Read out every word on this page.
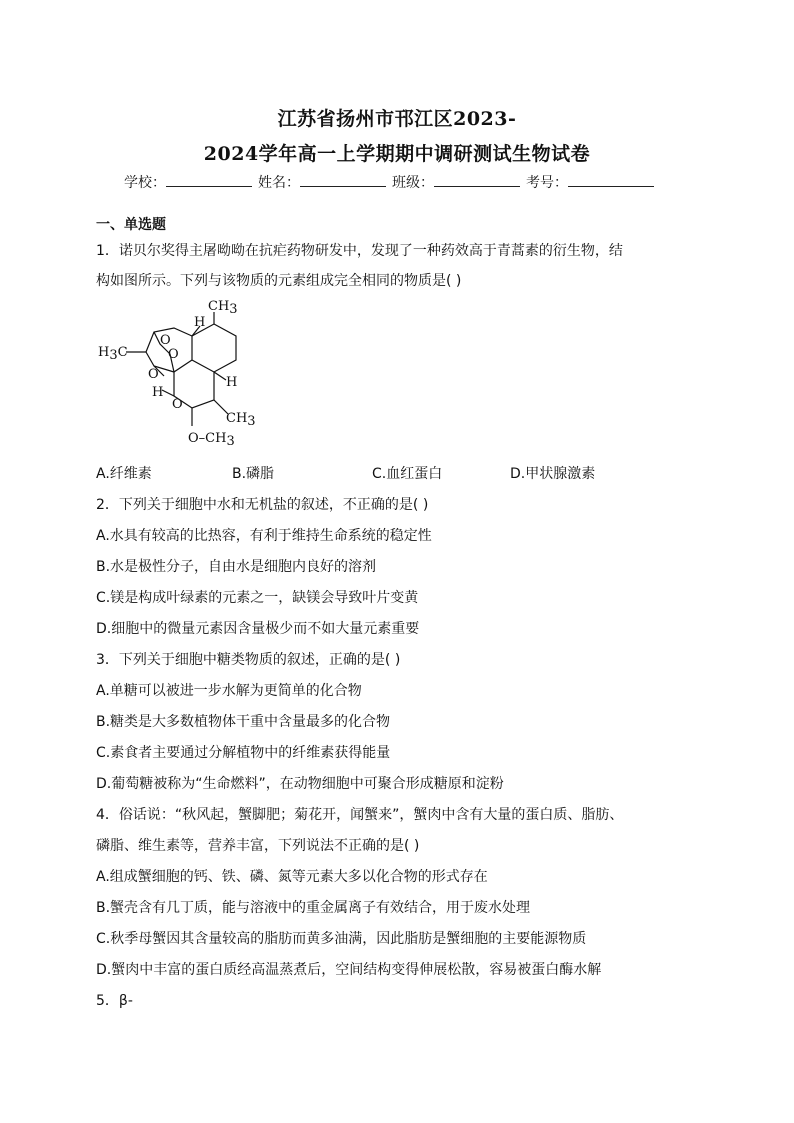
江苏省扬州市邗江区2023-
2024学年高一上学期期中调研测试生物试卷
学校：	姓名：	班级：	考号：
一、单选题
1．诺贝尔奖得主屠呦呦在抗疟药物研发中，发现了一种药效高于青蒿素的衍生物，结
构如图所示。下列与该物质的元素组成完全相同的物质是( )
CH3
H3C
H
H
H
O
O
O
O
CH3
O–CH3
A.纤维素	B.磷脂	C.血红蛋白	D.甲状腺激素
2．下列关于细胞中水和无机盐的叙述，不正确的是( )
A.水具有较高的比热容，有利于维持生命系统的稳定性
B.水是极性分子，自由水是细胞内良好的溶剂
C.镁是构成叶绿素的元素之一，缺镁会导致叶片变黄
D.细胞中的微量元素因含量极少而不如大量元素重要
3．下列关于细胞中糖类物质的叙述，正确的是( )
A.单糖可以被进一步水解为更简单的化合物
B.糖类是大多数植物体干重中含量最多的化合物
C.素食者主要通过分解植物中的纤维素获得能量
D.葡萄糖被称为“生命燃料”，在动物细胞中可聚合形成糖原和淀粉
4．俗话说：“秋风起，蟹脚肥；菊花开，闻蟹来”，蟹肉中含有大量的蛋白质、脂肪、
磷脂、维生素等，营养丰富，下列说法不正确的是( )
A.组成蟹细胞的钙、铁、磷、氮等元素大多以化合物的形式存在
B.蟹壳含有几丁质，能与溶液中的重金属离子有效结合，用于废水处理
C.秋季母蟹因其含量较高的脂肪而黄多油满，因此脂肪是蟹细胞的主要能源物质
D.蟹肉中丰富的蛋白质经高温蒸煮后，空间结构变得伸展松散，容易被蛋白酶水解
5．β-
